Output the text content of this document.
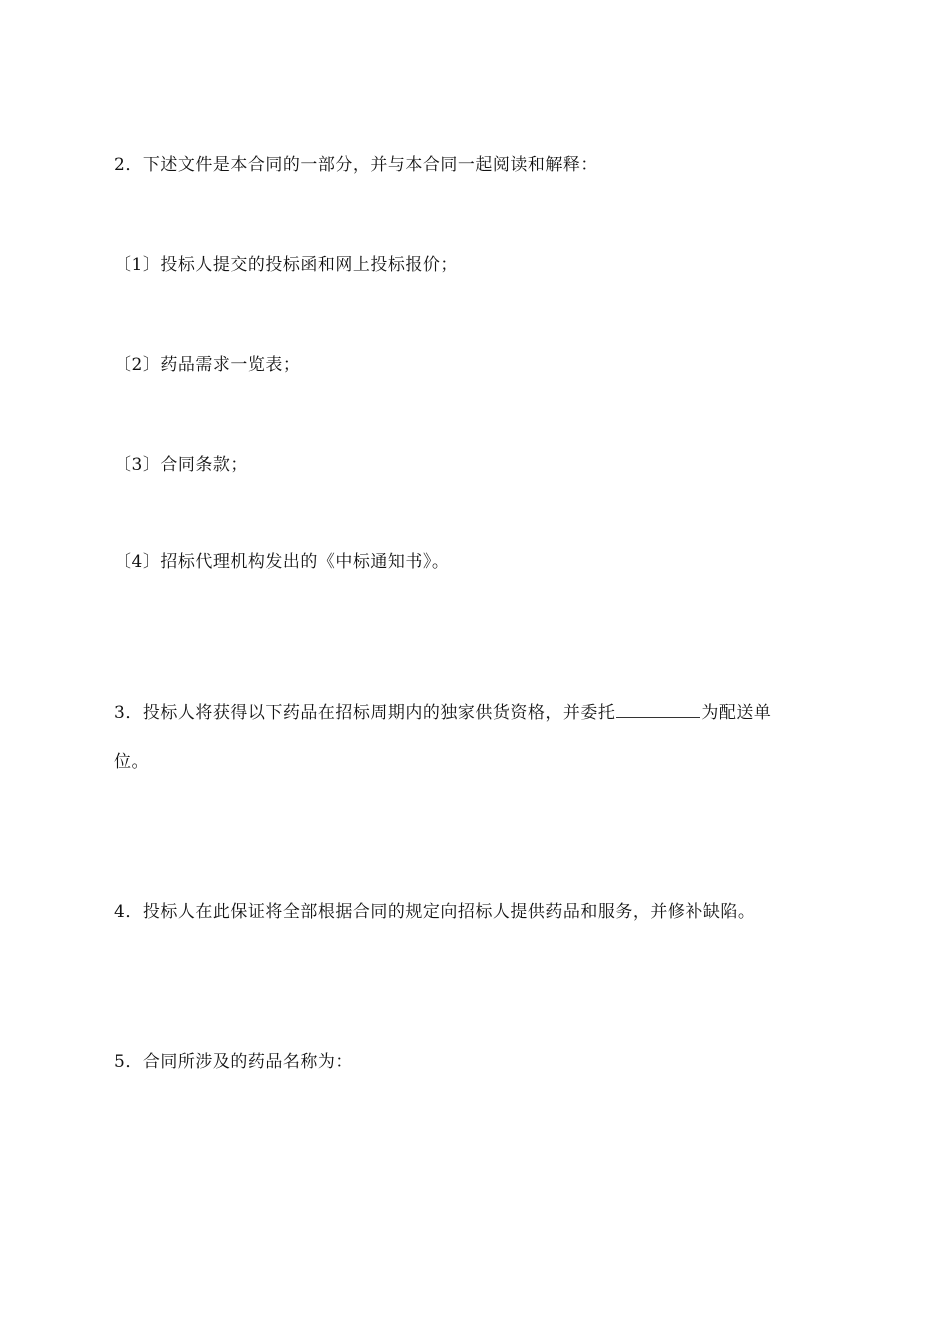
2．下述文件是本合同的一部分，并与本合同一起阅读和解释：
〔1〕投标人提交的投标函和网上投标报价；
〔2〕药品需求一览表；
〔3〕合同条款；
〔4〕招标代理机构发出的《中标通知书》。
3．投标人将获得以下药品在招标周期内的独家供货资格，并委托	为配送单
位。
4．投标人在此保证将全部根据合同的规定向招标人提供药品和服务，并修补缺陷。
5．合同所涉及的药品名称为：
